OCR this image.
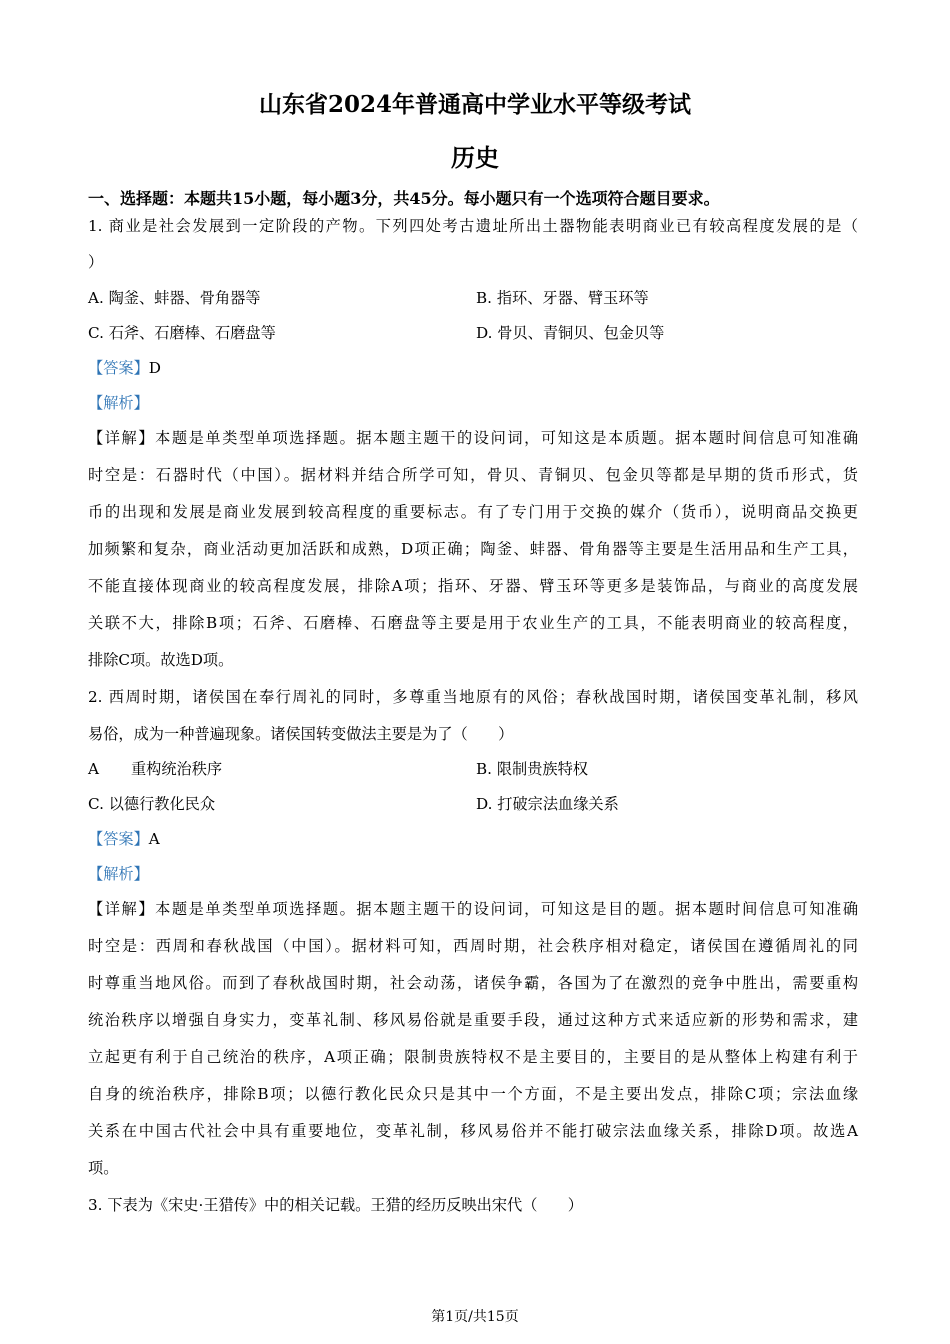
山东省2024年普通高中学业水平等级考试
历史
一、选择题：本题共15小题，每小题3分，共45分。每小题只有一个选项符合题目要求。
1. 商业是社会发展到一定阶段的产物。下列四处考古遗址所出土器物能表明商业已有较高程度发展的是（
）
A. 陶釜、蚌器、骨角器等	B. 指环、牙器、臂玉环等
C. 石斧、石磨棒、石磨盘等	D. 骨贝、青铜贝、包金贝等
【答案】D
【解析】
【详解】本题是单类型单项选择题。据本题主题干的设问词，可知这是本质题。据本题时间信息可知准确
时空是：石器时代（中国）。据材料并结合所学可知，骨贝、青铜贝、包金贝等都是早期的货币形式，货
币的出现和发展是商业发展到较高程度的重要标志。有了专门用于交换的媒介（货币），说明商品交换更
加频繁和复杂，商业活动更加活跃和成熟，D项正确；陶釜、蚌器、骨角器等主要是生活用品和生产工具，
不能直接体现商业的较高程度发展，排除A项；指环、牙器、臂玉环等更多是装饰品，与商业的高度发展
关联不大，排除B项；石斧、石磨棒、石磨盘等主要是用于农业生产的工具，不能表明商业的较高程度，
排除C项。故选D项。
2. 西周时期，诸侯国在奉行周礼的同时，多尊重当地原有的风俗；春秋战国时期，诸侯国变革礼制，移风
易俗，成为一种普遍现象。诸侯国转变做法主要是为了（　　）
A 重构统治秩序	B. 限制贵族特权
C. 以德行教化民众	D. 打破宗法血缘关系
【答案】A
【解析】
【详解】本题是单类型单项选择题。据本题主题干的设问词，可知这是目的题。据本题时间信息可知准确
时空是：西周和春秋战国（中国）。据材料可知，西周时期，社会秩序相对稳定，诸侯国在遵循周礼的同
时尊重当地风俗。而到了春秋战国时期，社会动荡，诸侯争霸，各国为了在激烈的竞争中胜出，需要重构
统治秩序以增强自身实力，变革礼制、移风易俗就是重要手段，通过这种方式来适应新的形势和需求，建
立起更有利于自己统治的秩序，A项正确；限制贵族特权不是主要目的，主要目的是从整体上构建有利于
自身的统治秩序，排除B项；以德行教化民众只是其中一个方面，不是主要出发点，排除C项；宗法血缘
关系在中国古代社会中具有重要地位，变革礼制，移风易俗并不能打破宗法血缘关系，排除D项。故选A
项。
3. 下表为《宋史·王猎传》中的相关记载。王猎的经历反映出宋代（　　）
第1页/共15页
